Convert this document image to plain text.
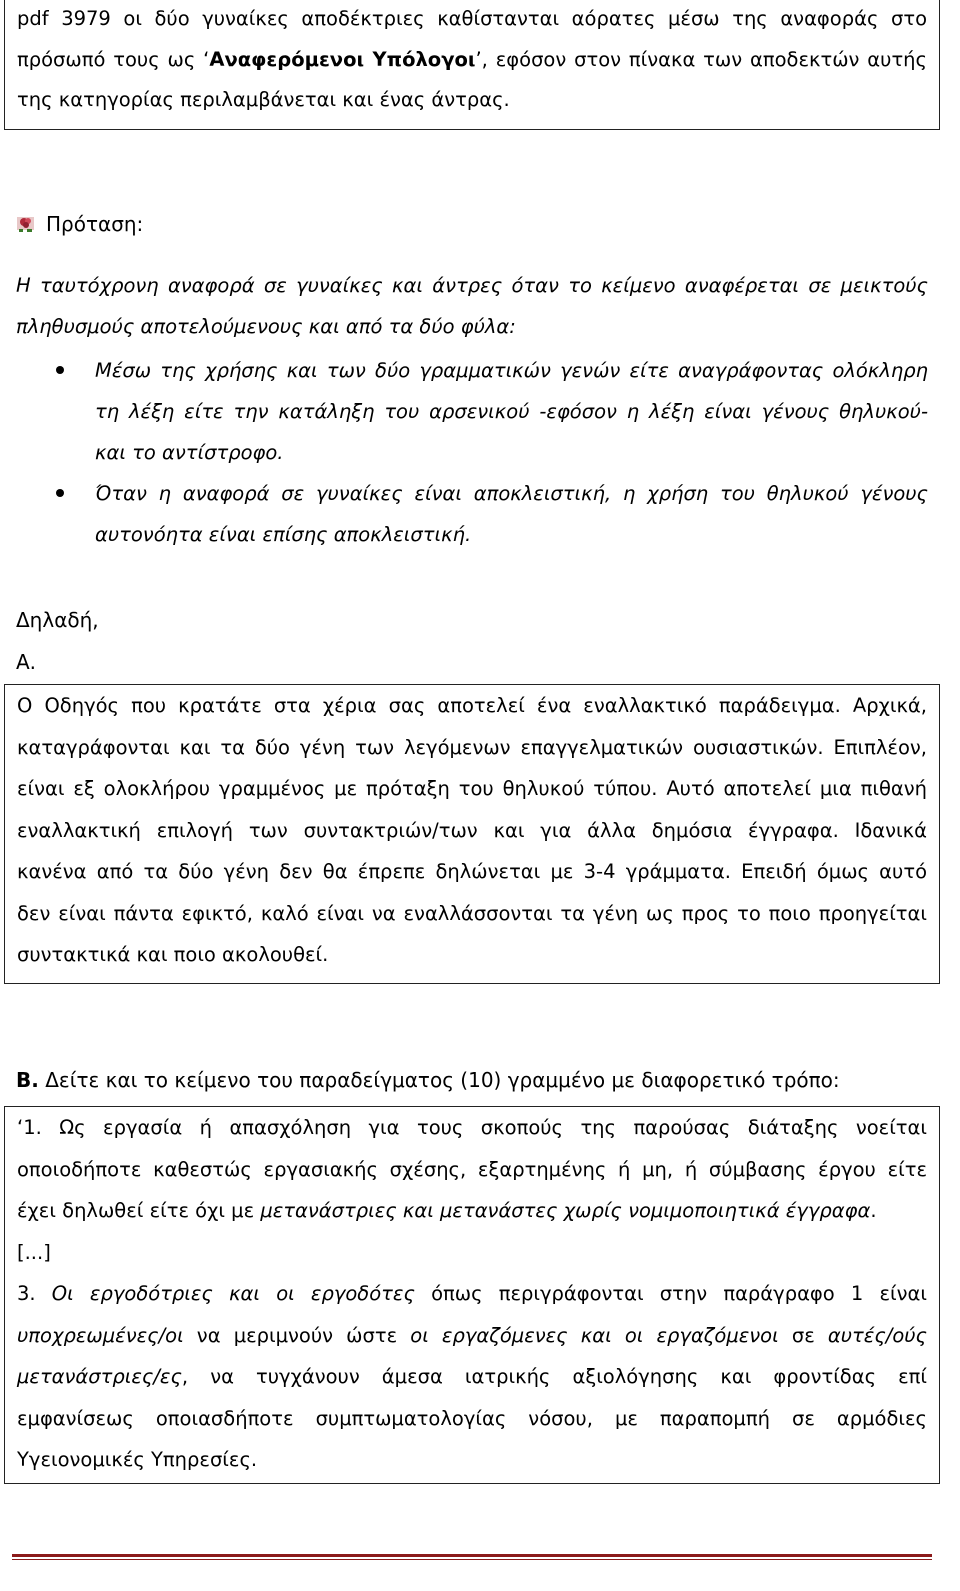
pdf 3979 οι δύο γυναίκες αποδέκτριες καθίστανται αόρατες μέσω της αναφοράς στο
πρόσωπό τους ως ‘Αναφερόμενοι Υπόλογοι’, εφόσον στον πίνακα των αποδεκτών αυτής
της κατηγορίας περιλαμβάνεται και ένας άντρας.
Πρόταση:
Η ταυτόχρονη αναφορά σε γυναίκες και άντρες όταν το κείμενο αναφέρεται σε μεικτούς
πληθυσμούς αποτελούμενους και από τα δύο φύλα:
Μέσω της χρήσης και των δύο γραμματικών γενών είτε αναγράφοντας ολόκληρη
τη λέξη είτε την κατάληξη του αρσενικού -εφόσον η λέξη είναι γένους θηλυκού-
και το αντίστροφο.
Όταν η αναφορά σε γυναίκες είναι αποκλειστική, η χρήση του θηλυκού γένους
αυτονόητα είναι επίσης αποκλειστική.
Δηλαδή,
Α.
Ο Οδηγός που κρατάτε στα χέρια σας αποτελεί ένα εναλλακτικό παράδειγμα. Αρχικά,
καταγράφονται και τα δύο γένη των λεγόμενων επαγγελματικών ουσιαστικών. Επιπλέον,
είναι εξ ολοκλήρου γραμμένος με πρόταξη του θηλυκού τύπου. Αυτό αποτελεί μια πιθανή
εναλλακτική επιλογή των συντακτριών/των και για άλλα δημόσια έγγραφα. Ιδανικά
κανένα από τα δύο γένη δεν θα έπρεπε δηλώνεται με 3-4 γράμματα. Επειδή όμως αυτό
δεν είναι πάντα εφικτό, καλό είναι να εναλλάσσονται τα γένη ως προς το ποιο προηγείται
συντακτικά και ποιο ακολουθεί.
Β. Δείτε και το κείμενο του παραδείγματος (10) γραμμένο με διαφορετικό τρόπο:
‘1. Ως εργασία ή απασχόληση για τους σκοπούς της παρούσας διάταξης νοείται
οποιοδήποτε καθεστώς εργασιακής σχέσης, εξαρτημένης ή μη, ή σύμβασης έργου είτε
έχει δηλωθεί είτε όχι με μετανάστριες και μετανάστες χωρίς νομιμοποιητικά έγγραφα.
[...]
3. Οι εργοδότριες και οι εργοδότες όπως περιγράφονται στην παράγραφο 1 είναι
υποχρεωμένες/οι να μεριμνούν ώστε οι εργαζόμενες και οι εργαζόμενοι σε αυτές/ούς
μετανάστριες/ες, να τυγχάνουν άμεσα ιατρικής αξιολόγησης και φροντίδας επί
εμφανίσεως οποιασδήποτε συμπτωματολογίας νόσου, με παραπομπή σε αρμόδιες
Υγειονομικές Υπηρεσίες.
